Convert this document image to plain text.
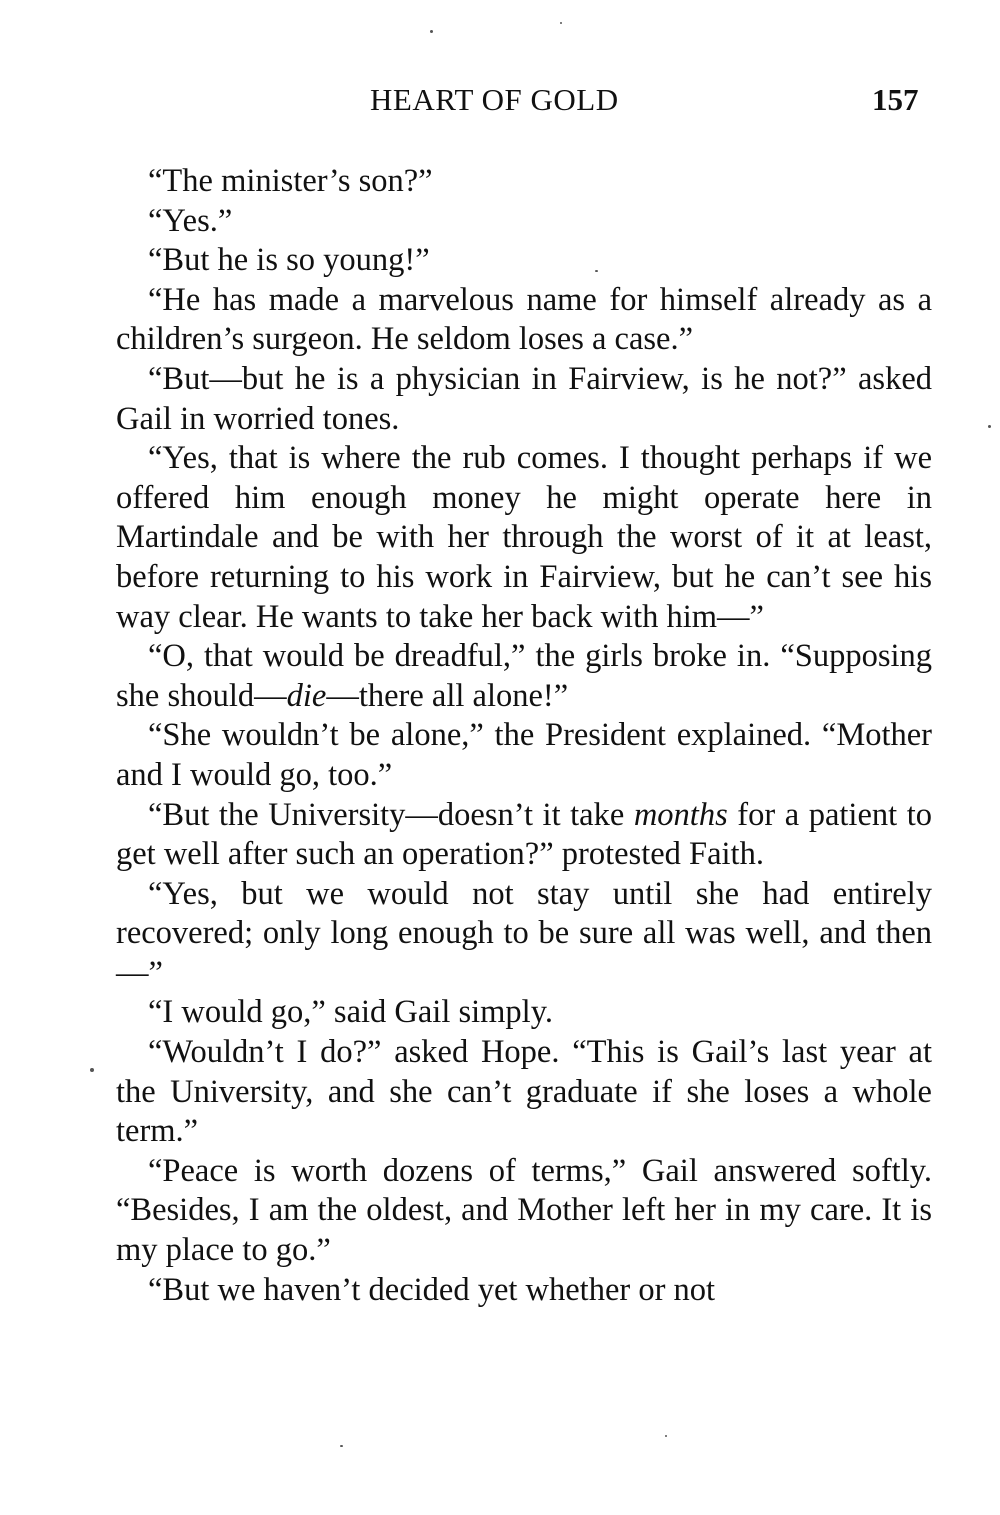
HEART OF GOLD	157

“The minister’s son?”

“Yes.”

“But he is so young!”

“He has made a marvelous name for himself already as a children’s surgeon. He seldom loses a case.”

“But—but he is a physician in Fairview, is he not?” asked Gail in worried tones.

“Yes, that is where the rub comes. I thought perhaps if we offered him enough money he might operate here in Martindale and be with her through the worst of it at least, before returning to his work in Fairview, but he can’t see his way clear. He wants to take her back with him—”

“O, that would be dreadful,” the girls broke in. “Supposing she should—die—there all alone!”

“She wouldn’t be alone,” the President explained. “Mother and I would go, too.”

“But the University—doesn’t it take months for a patient to get well after such an operation?” protested Faith.

“Yes, but we would not stay until she had entirely recovered; only long enough to be sure all was well, and then—”

“I would go,” said Gail simply.

“Wouldn’t I do?” asked Hope. “This is Gail’s last year at the University, and she can’t graduate if she loses a whole term.”

“Peace is worth dozens of terms,” Gail answered softly. “Besides, I am the oldest, and Mother left her in my care. It is my place to go.”

“But we haven’t decided yet whether or not
